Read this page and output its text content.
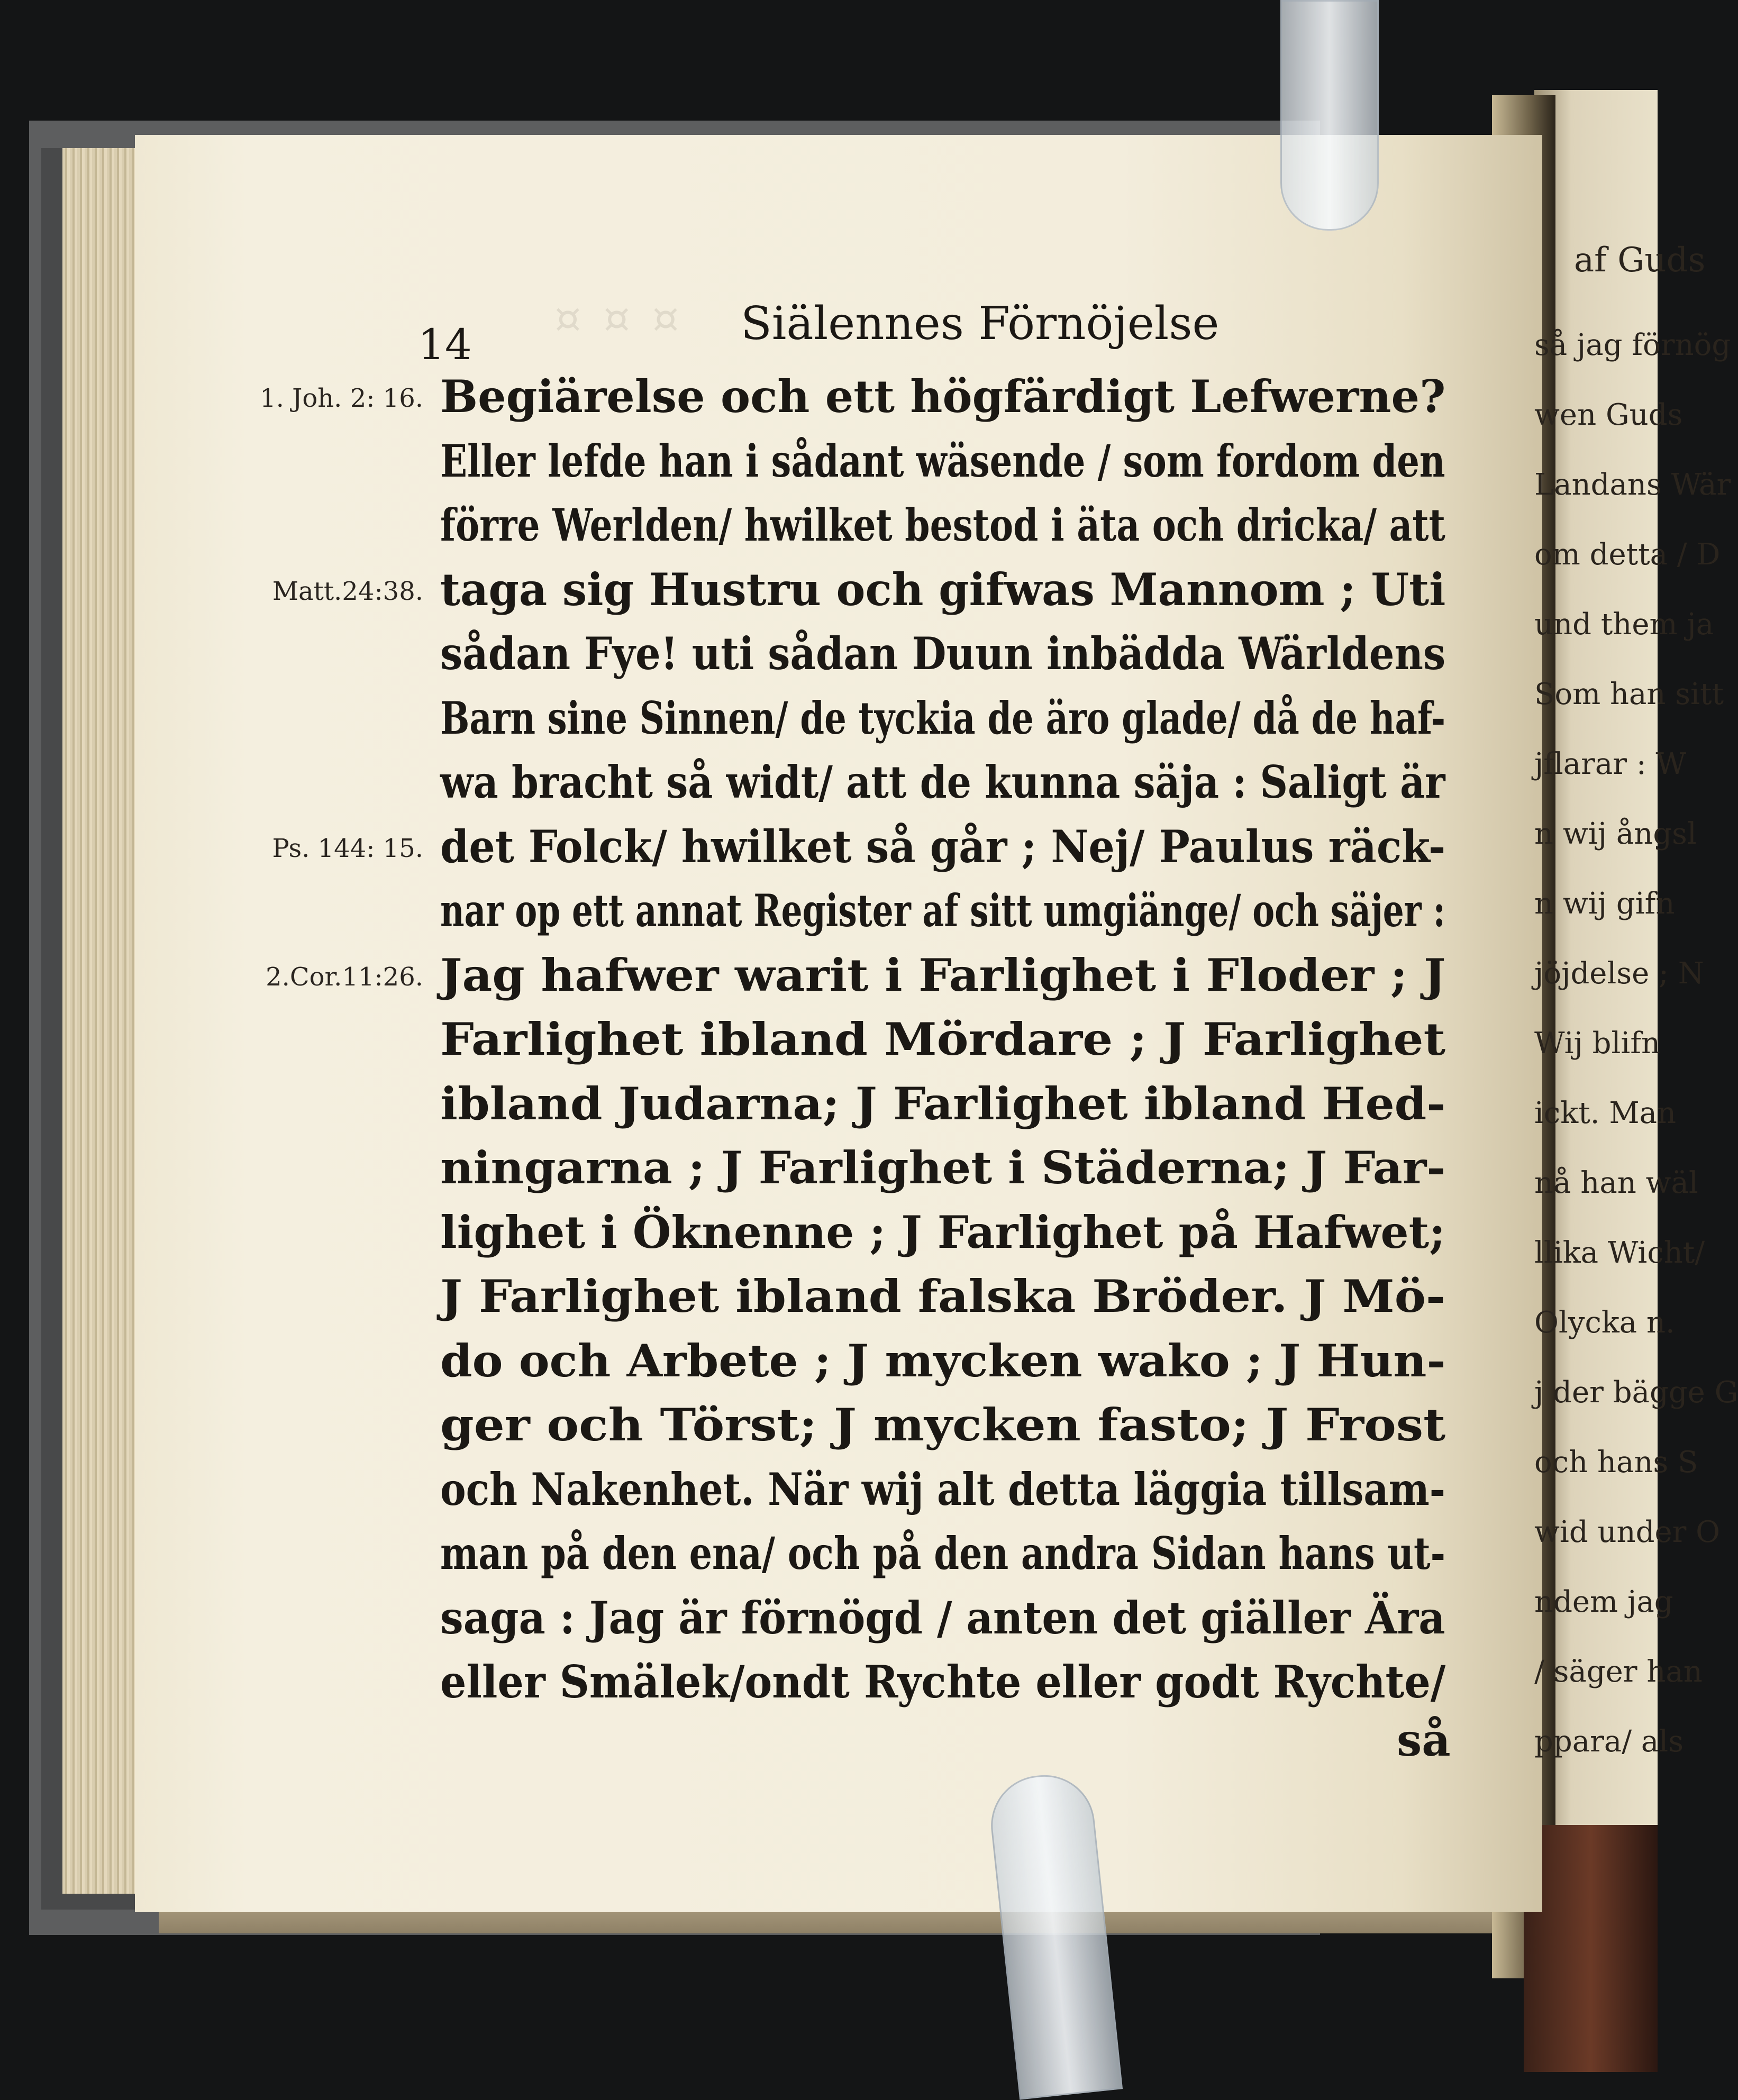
¤ ¤ ¤
14	Siälennes Förnöjelse
Begiärelse och ett högfärdigt Lefwerne?
Eller lefde han i sådant wäsende / som fordom den
förre Werlden/ hwilket bestod i äta och dricka/ att
taga sig Hustru och gifwas Mannom ; Uti
sådan Fye! uti sådan Duun inbädda Wärldens
Barn sine Sinnen/ de tyckia de äro glade/ då de haf-
wa bracht så widt/ att de kunna säja : Saligt är
det Folck/ hwilket så går ; Nej/ Paulus räck-
nar op ett annat Register af sitt umgiänge/ och säjer :
Jag hafwer warit i Farlighet i Floder ; J
Farlighet ibland Mördare ; J Farlighet
ibland Judarna; J Farlighet ibland Hed-
ningarna ; J Farlighet i Städerna; J Far-
lighet i Öknenne ; J Farlighet på Hafwet;
J Farlighet ibland falska Bröder. J Mö-
do och Arbete ; J mycken wako ; J Hun-
ger och Törst; J mycken fasto; J Frost
och Nakenhet. När wij alt detta läggia tillsam-
man på den ena/ och på den andra Sidan hans ut-
saga : Jag är förnögd / anten det giäller Ära
eller Smälek/ondt Rychte eller godt Rychte/
1. Joh. 2: 16.
Matt.24:38.
Ps. 144: 15.
2.Cor.11:26.
så
af Guds
så jag förnög
wen Guds
Landans Wär
om detta / D
und them ja
Som han sitt
jflarar : W
n wij ångsl
n wij gifn
jöjdelse ; N
Wij blifn
ickt. Man
nå han wäl
llika Wicht/
Olycka n.
j der bägge G
och hans S
wid under O
ndem jag
/ säger han
ppara/ als
